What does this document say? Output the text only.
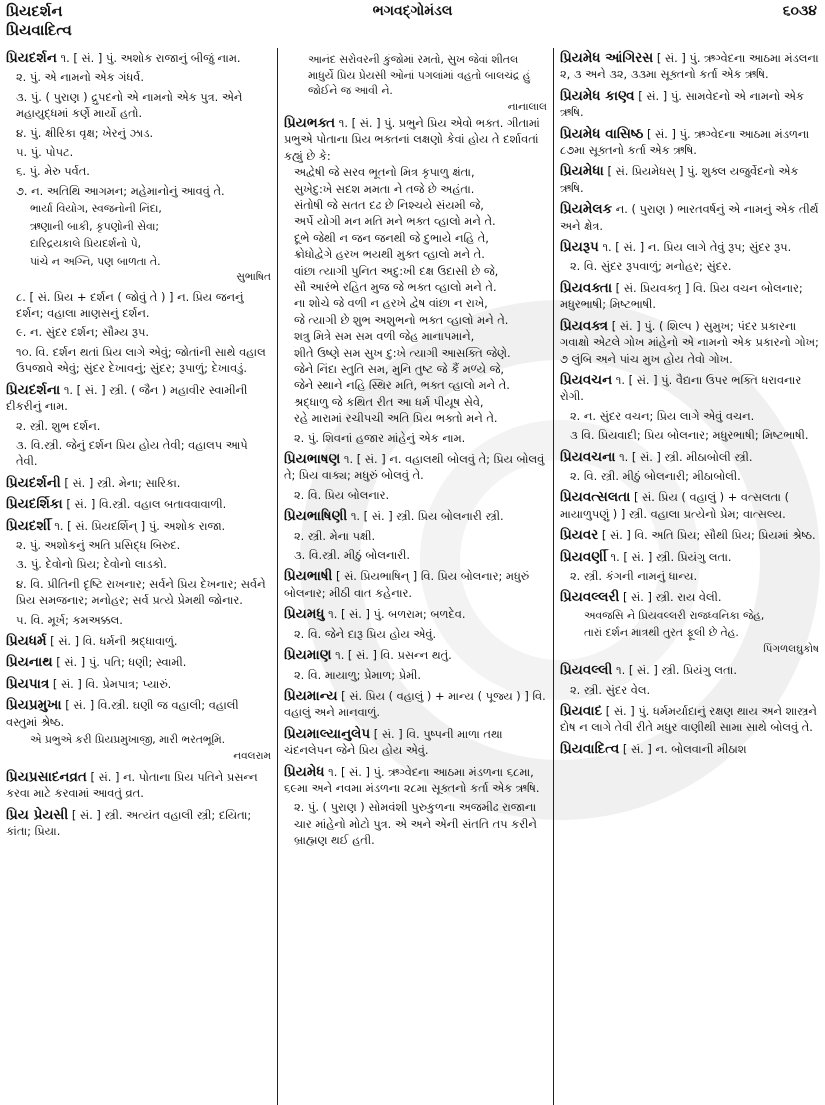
પ્રિયદર્શન
પ્રિયવાદિત્વ
ભગવદ્ગોમંડલ	૬૦૩૪
પ્રિયદર્શન ૧. [ સં. ] પું. અશોક રાજાનું બીજું નામ.
૨. પું. એ નામનો એક ગંધર્વ.
૩. પું. ( પુરાણ ) દ્રુપદનો એ નામનો એક પુત્ર. એને મહાયુદ્ધમાં કર્ણે માર્યો હતો.
૪. પું. ક્ષીરિકા વૃક્ષ; ખેરનું ઝાડ.
૫. પું. પોપટ.
૬. પું. મેરુ પર્વત.
૭. ન. અતિથિ આગમન; મહેમાનોનું આવવું તે.
ભાર્યા વિયોગ, સ્વજનોની નિંદા,
ઋણાની બાકી, કૃપણોની સેવા;
દારિદ્રયકાલે પ્રિયદર્શનો પે,
પાંચે ન અગ્નિ, પણ બાળતા તે.
સુભાષિત
૮. [ સં. પ્રિય + દર્શન ( જોવું તે ) ] ન. પ્રિય જનનું દર્શન; વહાલા માણસનું દર્શન.
૯. ન. સુંદર દર્શન; સૌમ્ય રૂપ.
૧૦. વિ. દર્શન થતાં પ્રિય લાગે એવું; જોતાંની સાથે વહાલ ઉપજાવે એવું; સુંદર દેખાવનું; સુંદર; રૂપાળું; દેખાવડું.
પ્રિયદર્શના ૧. [ સં. ] સ્ત્રી. ( જૈન ) મહાવીર સ્વામીની દીકરીનું નામ.
૨. સ્ત્રી. શુભ દર્શન.
૩. વિ.સ્ત્રી. જેનું દર્શન પ્રિય હોય તેવી; વહાલપ આપે તેવી.
પ્રિયદર્શની [ સં. ] સ્ત્રી. મેના; સારિકા.
પ્રિયદર્શિકા [ સં. ] વિ.સ્ત્રી. વહાલ બતાવવાવાળી.
પ્રિયદર્શી ૧. [ સં. પ્રિયદર્શિન્ ] પું. અશોક રાજા.
૨. પું. અશોકનું અતિ પ્રસિદ્ધ બિરુદ.
૩. પું. દેવોનો પ્રિય; દેવોનો લાડકો.
૪. વિ. પ્રીતિની દૃષ્ટિ રાખનાર; સર્વને પ્રિય દેખનાર; સર્વને પ્રિય સમજનાર; મનોહર; સર્વ પ્રત્યે પ્રેમથી જોનાર.
૫. વિ. મૂર્ખ; કમઅક્કલ.
પ્રિયધર્મ [ સં. ] વિ. ધર્મની શ્રદ્ધાવાળું.
પ્રિયનાથ [ સં. ] પું. પતિ; ધણી; સ્વામી.
પ્રિયપાત્ર [ સં. ] વિ. પ્રેમપાત્ર; પ્યારું.
પ્રિયપ્રમુખા [ સં. ] વિ.સ્ત્રી. ઘણી જ વહાલી; વહાલી વસ્તુમાં શ્રેષ્ઠ.
એ પ્રભુએ કરી પ્રિયપ્રમુખાજી, મારી ભરતભૂમિ.
નવલરામ
પ્રિયપ્રસાદનવ્રત [ સં. ] ન. પોતાના પ્રિય પતિને પ્રસન્ન કરવા માટે કરવામાં આવતું વ્રત.
પ્રિય પ્રેયસી [ સં. ] સ્ત્રી. અત્યંત વહાલી સ્ત્રી; દયિતા; કાંતા; પ્રિયા.
આનંદ સરોવરની કુંજોમાં રમતો, સુખ જેવાં શીતલ માધુર્યે પ્રિય પ્રેયસી ઓનાં પગલાંમાં વહતો બાલચંદ્ર હું જોઈને જ આવી ને.
નાનાલાલ
પ્રિયભક્ત ૧. [ સં. ] પું. પ્રભુને પ્રિય એવો ભક્ત. ગીતામાં પ્રભુએ પોતાના પ્રિય ભક્તનાં લક્ષણો કેવાં હોય તે દર્શાવતાં કહ્યું છે કે:
અદ્વેષી જે સરવ ભૂતનો મિત્ર કૃપાળુ ક્ષંતા,
સુખેદુ:ખે સદશ મમતા ને તજે છે અહંતા.
સંતોષી જે સતત દઢ છે નિશ્ચયે સંયમી જે,
અર્પે યોગી મન મતિ મને ભક્ત વ્હાલો મને તે.
દૂભે જેથી ન જન જનથી જે દુભાયે નહિ તે,
ક્રોધોદ્વેગે હરખ ભયથી મુક્ત વ્હાલો મને તે.
વાંછા ત્યાગી પુનિત અદુ:ખી દક્ષ ઉદાસી છે જે,
સૌ આરંભે રહિત મુજ જે ભક્ત વ્હાલો મને તે.
ના શોચે જે વળી ન હરખે દ્વેષ વાંછા ન રાખે,
જે ત્યાગી છે શુભ અશુભનો ભક્ત વ્હાલો મને તે.
શત્રુ મિત્રે સમ સમ વળી જેહ માનાપમાને,
શીતે ઉષ્ણે સમ સુખ દુ:ખે ત્યાગી આસક્તિ જેણે.
જેને નિંદા સ્તુતિ સમ, મુનિ તુષ્ટ જે કૈં મળ્યે જે,
જેને સ્થાને નહિ સ્થિર મતિ, ભક્ત વ્હાલો મને તે.
શ્રદ્ધાળુ જે કથિત રીત આ ધર્મ પીયૂષ સેવે,
રહે મારામાં રચીપચી અતિ પ્રિય ભક્તો મને તે.
૨. પું. શિવનાં હજાર માંહેનું એક નામ.
પ્રિયભાષણ ૧. [ સં. ] ન. વહાલથી બોલવું તે; પ્રિય બોલવું તે; પ્રિય વાક્ય; મધુરું બોલવું તે.
૨. વિ. પ્રિય બોલનાર.
પ્રિયભાષિણી ૧. [ સં. ] સ્ત્રી. પ્રિય બોલનારી સ્ત્રી.
૨. સ્ત્રી. મેના પક્ષી.
૩. વિ.સ્ત્રી. મીઠું બોલનારી.
પ્રિયભાષી [ સં. પ્રિયભાષિન્ ] વિ. પ્રિય બોલનાર; મધુરું બોલનાર; મીઠી વાત કહેનાર.
પ્રિયમધુ ૧. [ સં. ] પું. બળરામ; બળદેવ.
૨. વિ. જેને દારૂ પ્રિય હોય એવું.
પ્રિયમાણ ૧. [ સં. ] વિ. પ્રસન્ન થતું.
૨. વિ. માયાળુ; પ્રેમાળ; પ્રેમી.
પ્રિયમાન્ય [ સં. પ્રિય ( વહાલું ) + માન્ય ( પૂજ્ય ) ] વિ. વહાલું અને માનવાળું.
પ્રિયમાલ્યાનુલેપ [ સં. ] વિ. પુષ્પની માળા તથા ચંદનલેપન જેને પ્રિય હોય એવું.
પ્રિયમેધ ૧. [ સં. ] પું. ઋગ્વેદના આઠમા મંડળના ૬૮મા, ૬૯મા અને નવમા મંડળના ૨૮મા સૂક્તનો કર્તા એક ઋષિ.
૨. પું. ( પુરાણ ) સોમવંશી પુરુકુળના અજમીઢ રાજાના ચાર માંહેનો મોટો પુત્ર. એ અને એની સંતતિ તપ કરીને બ્રાહ્મણ થઈ હતી.
પ્રિયમેધ આંગિરસ [ સં. ] પું. ઋગ્વેદના આઠમા મંડલના ૨, ૩ અને ૩૨, ૩૩મા સૂક્તનો કર્તા એક ઋષિ.
પ્રિયમેધ કાણ્વ [ સં. ] પું. સામવેદનો એ નામનો એક ઋષિ.
પ્રિયમેધ વાસિષ્ઠ [ સં. ] પું. ઋગ્વેદના આઠમા મંડળના ૮૭મા સૂક્તનો કર્તા એક ઋષિ.
પ્રિયમેધા [ સં. પ્રિયમેધસ્ ] પું. શુક્લ યજુર્વેદનો એક ઋષિ.
પ્રિયમેલક ન. ( પુરાણ ) ભારતવર્ષનું એ નામનું એક તીર્થ અને ક્ષેત્ર.
પ્રિયરૂપ ૧. [ સં. ] ન. પ્રિય લાગે તેવું રૂપ; સુંદર રૂપ.
૨. વિ. સુંદર રૂપવાળું; મનોહર; સુંદર.
પ્રિયવક્તા [ સં. પ્રિયવક્તૃ ] વિ. પ્રિય વચન બોલનાર; મધુરભાષી; મિષ્ટભાષી.
પ્રિયવક્ત્ર [ સં. ] પું. ( શિલ્પ ) સુમુખ; પંદર પ્રકારના ગવાક્ષો એટલે ગોખ માંહેનો એ નામનો એક પ્રકારનો ગોખ; ૭ લુંબિ અને પાંચ મુખ હોય તેવો ગોખ.
પ્રિયવચન ૧. [ સં. ] પું. વૈદ્યના ઉપર ભક્તિ ધરાવનાર રોગી.
૨. ન. સુંદર વચન; પ્રિય લાગે એવું વચન.
૩ વિ. પ્રિયવાદી; પ્રિય બોલનાર; મધુરભાષી; મિષ્ટભાષી.
પ્રિયવચના ૧. [ સં. ] સ્ત્રી. મીઠાબોલી સ્ત્રી.
૨. વિ. સ્ત્રી. મીઠું બોલનારી; મીઠાબોલી.
પ્રિયવત્સલતા [ સં. પ્રિય ( વહાલું ) + વત્સલતા ( માયાળુપણું ) ] સ્ત્રી. વહાલા પ્રત્યેનો પ્રેમ; વાત્સલ્ય.
પ્રિયવર [ સં. ] વિ. અતિ પ્રિય; સૌથી પ્રિય; પ્રિયમાં શ્રેષ્ઠ.
પ્રિયવર્ણી ૧. [ સં. ] સ્ત્રી. પ્રિયંગુ લતા.
૨. સ્ત્રી. કંગની નામનું ધાન્ય.
પ્રિયવલ્લરી [ સં. ] સ્ત્રી. રાય વેલી.
અવજસિ ને પ્રિયવલ્લરી રાજધ્વનિકા જેહ,
તારાં દર્શન માત્રથી તુરત ફૂલી છે તેહ.
પિંગળલઘુકોષ
પ્રિયવલ્લી ૧. [ સં. ] સ્ત્રી. પ્રિયંગુ લતા.
૨. સ્ત્રી. સુંદર વેલ.
પ્રિયવાદ [ સં. ] પું. ધર્મમર્યાદાનું રક્ષણ થાય અને શાસ્ત્રને દોષ ન લાગે તેવી રીતે મધુર વાણીથી સામા સાથે બોલવું તે.
પ્રિયવાદિત્વ [ સં. ] ન. બોલવાની મીઠાશ
